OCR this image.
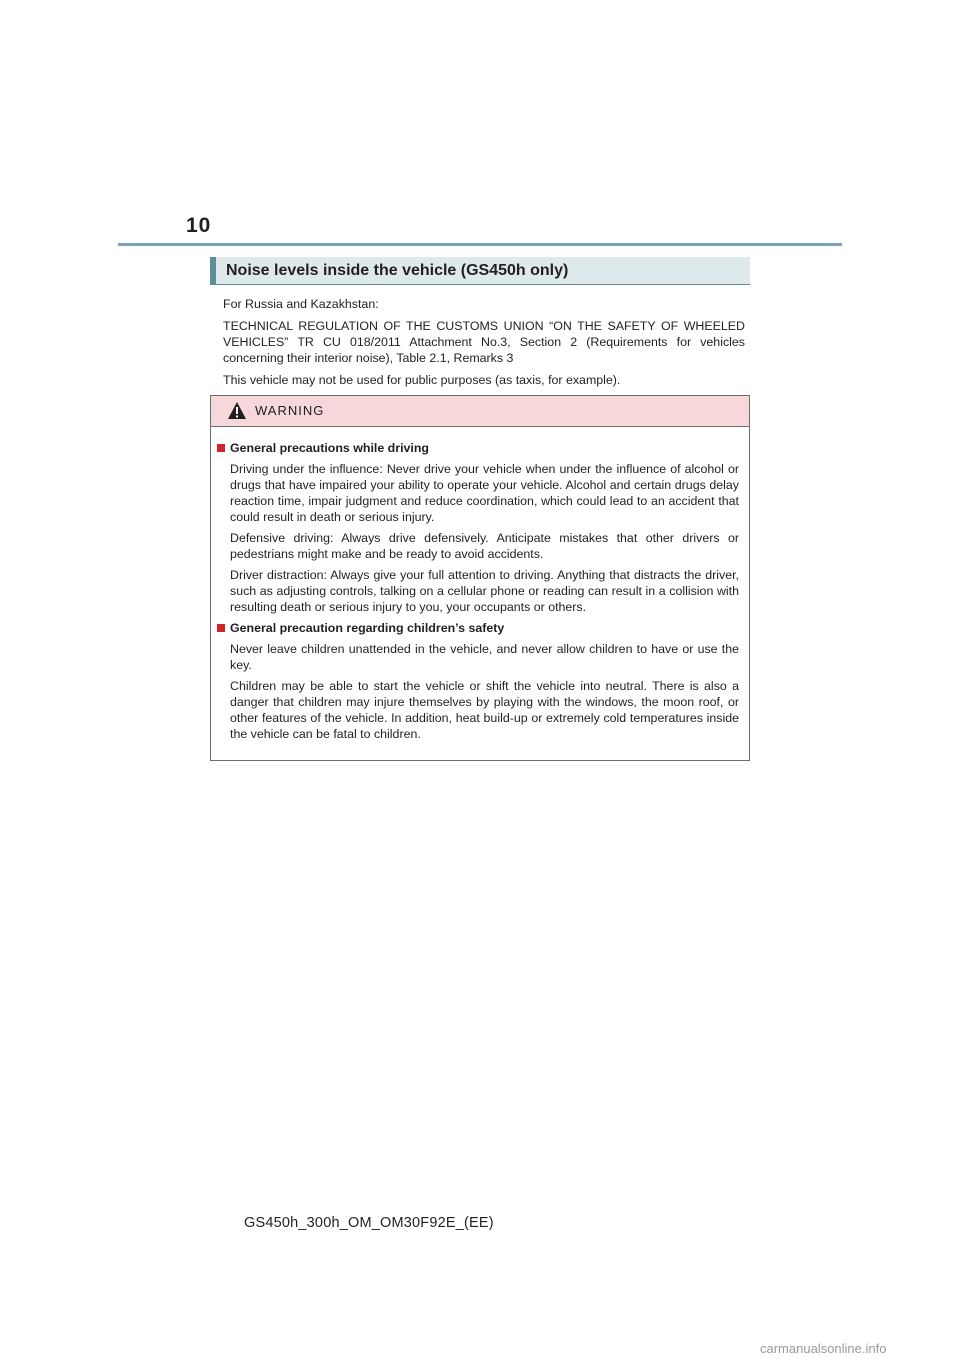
10
Noise levels inside the vehicle (GS450h only)

For Russia and Kazakhstan:

TECHNICAL REGULATION OF THE CUSTOMS UNION “ON THE SAFETY OF WHEELED VEHICLES” TR CU 018/2011 Attachment No.3, Section 2 (Requirements for vehicles concerning their interior noise), Table 2.1, Remarks 3

This vehicle may not be used for public purposes (as taxis, for example).

WARNING
General precautions while driving

Driving under the influence: Never drive your vehicle when under the influence of alcohol or drugs that have impaired your ability to operate your vehicle. Alcohol and certain drugs delay reaction time, impair judgment and reduce coordination, which could lead to an accident that could result in death or serious injury.

Defensive driving: Always drive defensively. Anticipate mistakes that other drivers or pedestrians might make and be ready to avoid accidents.

Driver distraction: Always give your full attention to driving. Anything that distracts the driver, such as adjusting controls, talking on a cellular phone or reading can result in a collision with resulting death or serious injury to you, your occupants or others.

General precaution regarding children’s safety

Never leave children unattended in the vehicle, and never allow children to have or use the key.

Children may be able to start the vehicle or shift the vehicle into neutral. There is also a danger that children may injure themselves by playing with the windows, the moon roof, or other features of the vehicle. In addition, heat build-up or extremely cold temperatures inside the vehicle can be fatal to children.

GS450h_300h_OM_OM30F92E_(EE)
carmanualsonline.info
